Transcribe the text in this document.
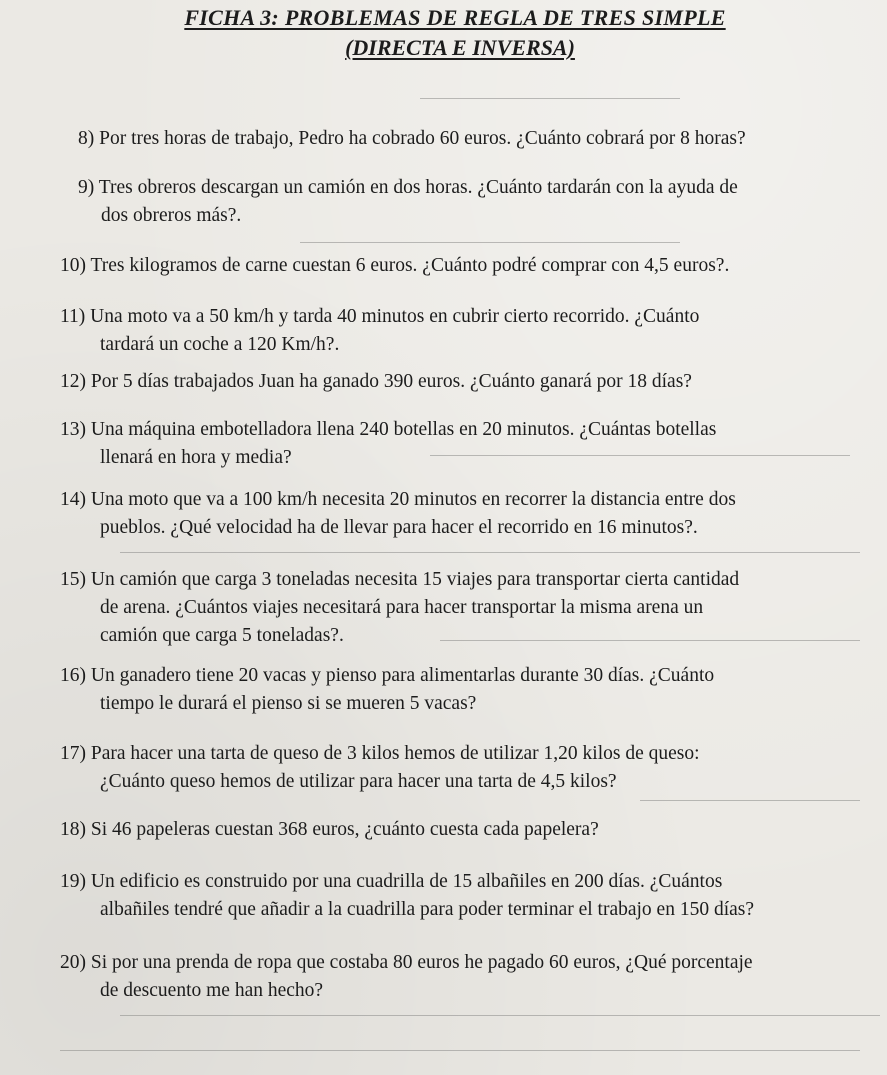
FICHA 3: PROBLEMAS DE REGLA DE TRES SIMPLE
(DIRECTA E INVERSA)
8) Por tres horas de trabajo, Pedro ha cobrado 60 euros. ¿Cuánto cobrará por 8 horas?
9) Tres obreros descargan un camión en dos horas. ¿Cuánto tardarán con la ayuda de
dos obreros más?.
10) Tres kilogramos de carne cuestan 6 euros. ¿Cuánto podré comprar con 4,5 euros?.
11) Una moto va a 50 km/h y tarda 40 minutos en cubrir cierto recorrido. ¿Cuánto
tardará un coche a 120 Km/h?.
12) Por 5 días trabajados Juan ha ganado 390 euros. ¿Cuánto ganará por 18 días?
13) Una máquina embotelladora llena 240 botellas en 20 minutos. ¿Cuántas botellas
llenará en hora y media?
14) Una moto que va a 100 km/h necesita 20 minutos en recorrer la distancia entre dos
pueblos. ¿Qué velocidad ha de llevar para hacer el recorrido en 16 minutos?.
15) Un camión que carga 3 toneladas necesita 15 viajes para transportar cierta cantidad
de arena. ¿Cuántos viajes necesitará para hacer transportar la misma arena un
camión que carga 5 toneladas?.
16) Un ganadero tiene 20 vacas y pienso para alimentarlas durante 30 días. ¿Cuánto
tiempo le durará el pienso si se mueren 5 vacas?
17) Para hacer una tarta de queso de 3 kilos hemos de utilizar 1,20 kilos de queso:
¿Cuánto queso hemos de utilizar para hacer una tarta de 4,5 kilos?
18) Si 46 papeleras cuestan 368 euros, ¿cuánto cuesta cada papelera?
19) Un edificio es construido por una cuadrilla de 15 albañiles en 200 días. ¿Cuántos
albañiles tendré que añadir a la cuadrilla para poder terminar el trabajo en 150 días?
20) Si por una prenda de ropa que costaba 80 euros he pagado 60 euros, ¿Qué porcentaje
de descuento me han hecho?
